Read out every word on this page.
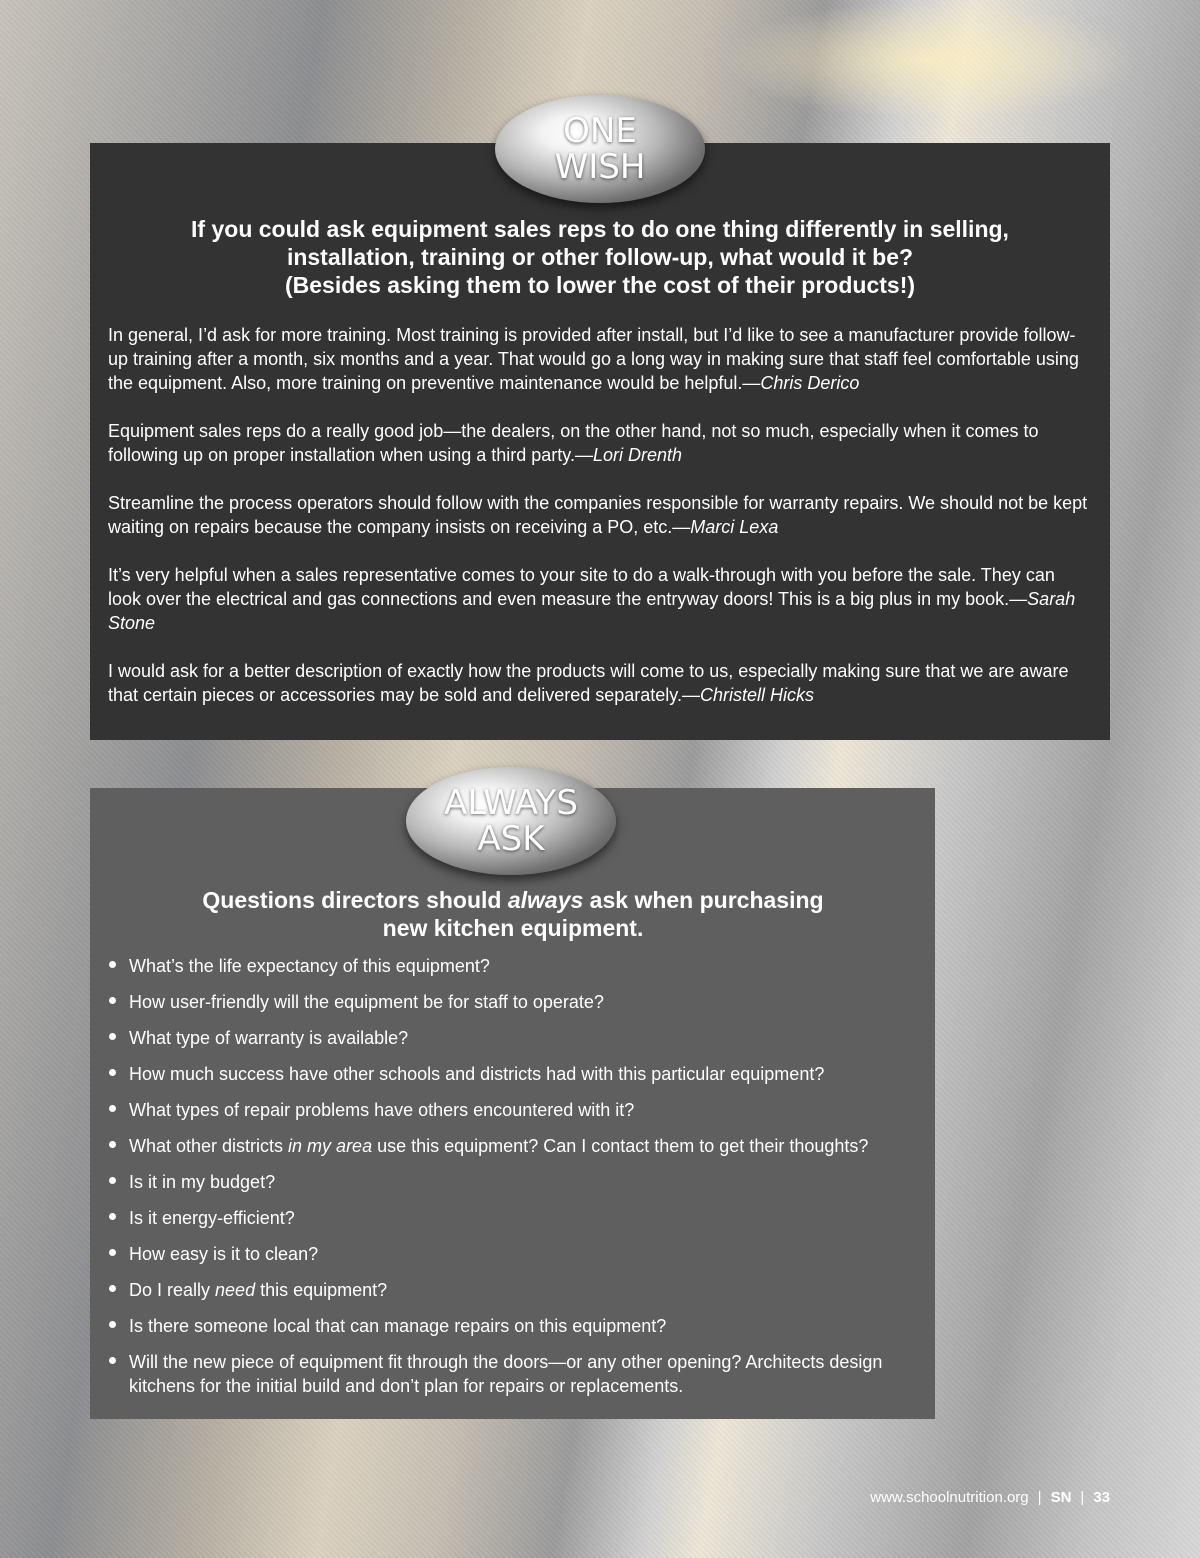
If you could ask equipment sales reps to do one thing differently in selling,
installation, training or other follow-up, what would it be?
(Besides asking them to lower the cost of their products!)

In general, I’d ask for more training. Most training is provided after install, but I’d like to see a manufacturer provide follow-up training after a month, six months and a year. That would go a long way in making sure that staff feel comfortable using the equipment. Also, more training on preventive maintenance would be helpful.—Chris Derico

Equipment sales reps do a really good job—the dealers, on the other hand, not so much, especially when it comes to following up on proper installation when using a third party.—Lori Drenth

Streamline the process operators should follow with the companies responsible for warranty repairs. We should not be kept waiting on repairs because the company insists on receiving a PO, etc.—Marci Lexa

It’s very helpful when a sales representative comes to your site to do a walk-through with you before the sale. They can look over the electrical and gas connections and even measure the entryway doors! This is a big plus in my book.—Sarah Stone

I would ask for a better description of exactly how the products will come to us, especially making sure that we are aware that certain pieces or accessories may be sold and delivered separately.—Christell Hicks

ONE
WISH
Questions directors should always ask when purchasing
new kitchen equipment.
What’s the life expectancy of this equipment?
How user-friendly will the equipment be for staff to operate?
What type of warranty is available?
How much success have other schools and districts had with this particular equipment?
What types of repair problems have others encountered with it?
What other districts in my area use this equipment? Can I contact them to get their thoughts?
Is it in my budget?
Is it energy-efficient?
How easy is it to clean?
Do I really need this equipment?
Is there someone local that can manage repairs on this equipment?
Will the new piece of equipment fit through the doors—or any other opening? Architects design kitchens for the initial build and don’t plan for repairs or replacements.
ALWAYS
ASK
www.schoolnutrition.org | SN | 33
